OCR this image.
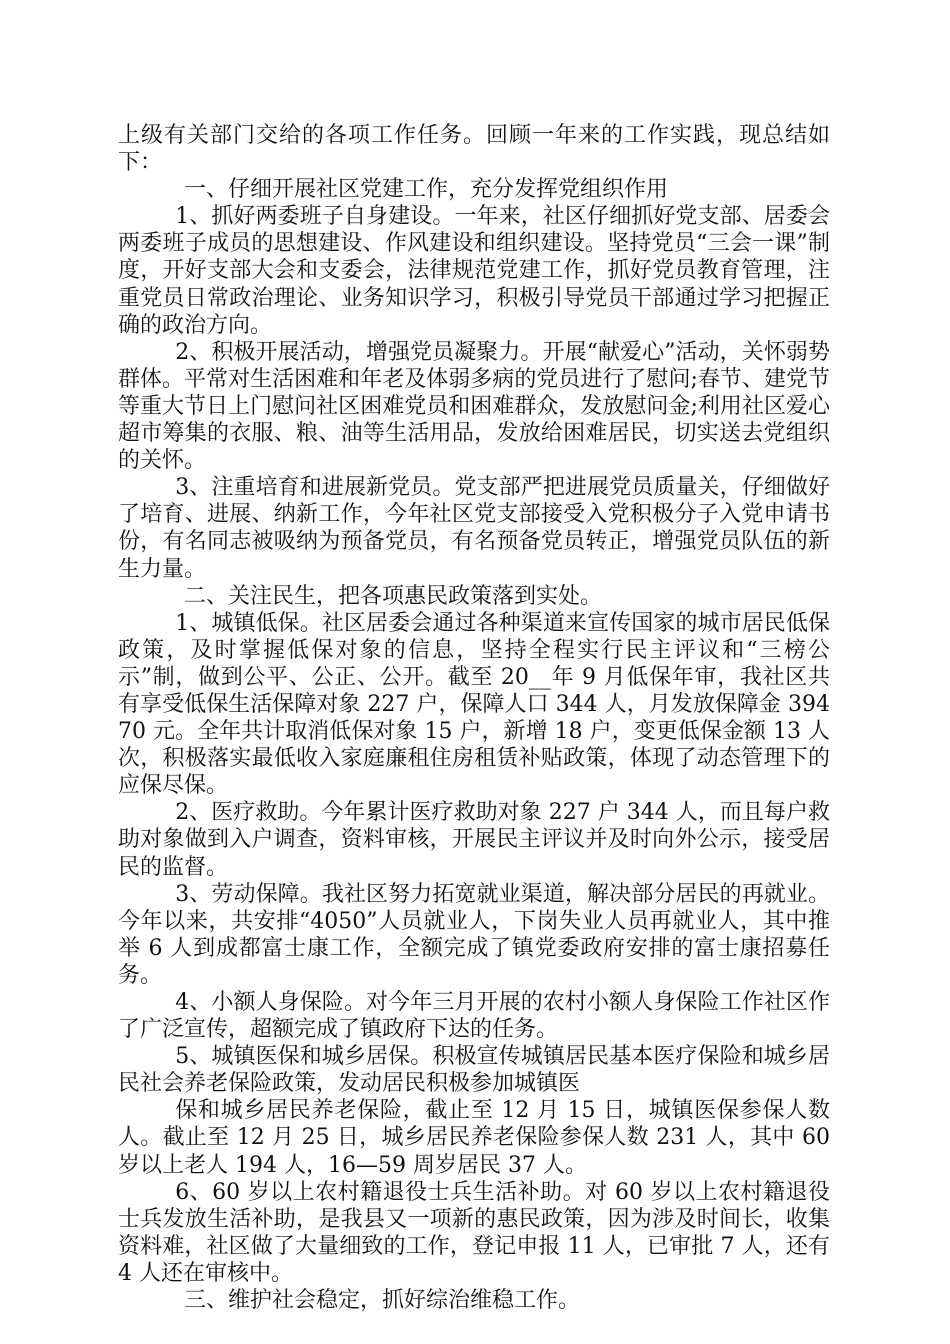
上级有关部门交给的各项工作任务。回顾一年来的工作实践，现总结如下：

一、仔细开展社区党建工作，充分发挥党组织作用

1、抓好两委班子自身建设。一年来，社区仔细抓好党支部、居委会两委班子成员的思想建设、作风建设和组织建设。坚持党员“三会一课”制度，开好支部大会和支委会，法律规范党建工作，抓好党员教育管理，注重党员日常政治理论、业务知识学习，积极引导党员干部通过学习把握正确的政治方向。

2、积极开展活动，增强党员凝聚力。开展“献爱心”活动，关怀弱势群体。平常对生活困难和年老及体弱多病的党员进行了慰问;春节、建党节等重大节日上门慰问社区困难党员和困难群众，发放慰问金;利用社区爱心超市筹集的衣服、粮、油等生活用品，发放给困难居民，切实送去党组织的关怀。

3、注重培育和进展新党员。党支部严把进展党员质量关，仔细做好了培育、进展、纳新工作，今年社区党支部接受入党积极分子入党申请书份，有名同志被吸纳为预备党员，有名预备党员转正，增强党员队伍的新生力量。

二、关注民生，把各项惠民政策落到实处。

1、城镇低保。社区居委会通过各种渠道来宣传国家的城市居民低保政策，及时掌握低保对象的信息，坚持全程实行民主评议和“三榜公示”制，做到公平、公正、公开。截至 20__年 9 月低保年审，我社区共有享受低保生活保障对象 227 户，保障人口 344 人，月发放保障金 39470 元。全年共计取消低保对象 15 户，新增 18 户，变更低保金额 13 人次，积极落实最低收入家庭廉租住房租赁补贴政策，体现了动态管理下的应保尽保。

2、医疗救助。今年累计医疗救助对象 227 户 344 人，而且每户救助对象做到入户调查，资料审核，开展民主评议并及时向外公示，接受居民的监督。

3、劳动保障。我社区努力拓宽就业渠道，解决部分居民的再就业。今年以来，共安排“4050”人员就业人，下岗失业人员再就业人，其中推举 6 人到成都富士康工作，全额完成了镇党委政府安排的富士康招募任务。

4、小额人身保险。对今年三月开展的农村小额人身保险工作社区作了广泛宣传，超额完成了镇政府下达的任务。

5、城镇医保和城乡居保。积极宣传城镇居民基本医疗保险和城乡居民社会养老保险政策，发动居民积极参加城镇医

保和城乡居民养老保险，截止至 12 月 15 日，城镇医保参保人数人。截止至 12 月 25 日，城乡居民养老保险参保人数 231 人，其中 60 岁以上老人 194 人，16—59 周岁居民 37 人。

6、60 岁以上农村籍退役士兵生活补助。对 60 岁以上农村籍退役士兵发放生活补助，是我县又一项新的惠民政策，因为涉及时间长，收集资料难，社区做了大量细致的工作，登记申报 11 人，已审批 7 人，还有 4 人还在审核中。

三、维护社会稳定，抓好综治维稳工作。
